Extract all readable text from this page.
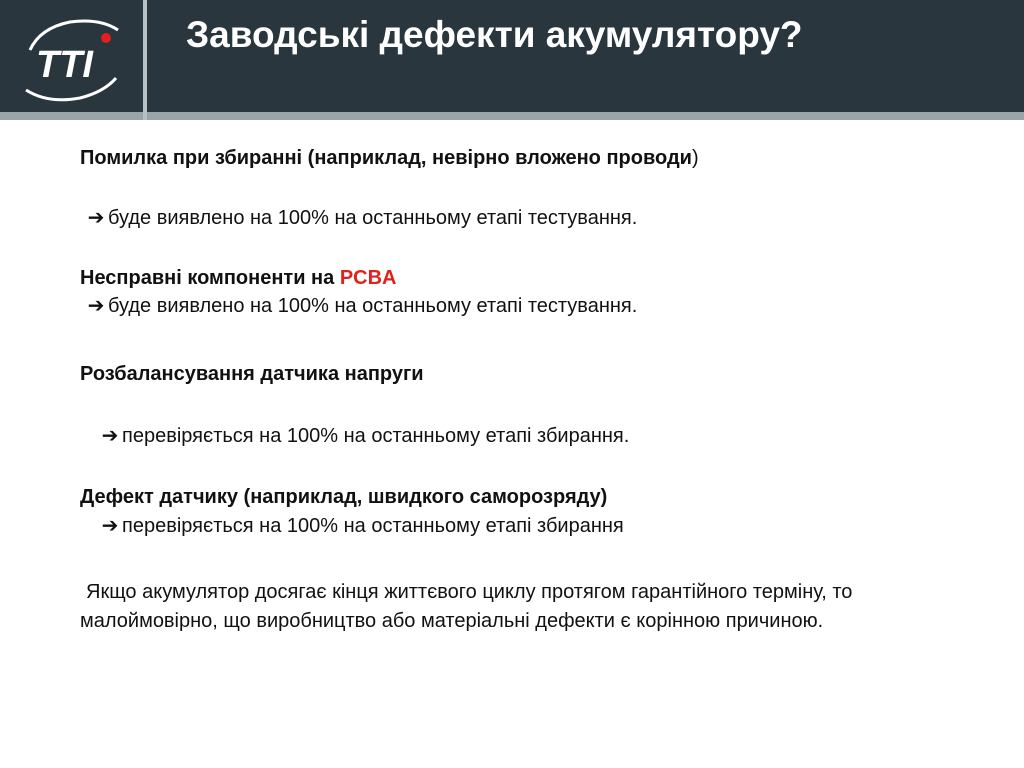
TTI
Заводські дефекти акумулятору?
Помилка при збиранні (наприклад, невірно вложено проводи)
➔ буде виявлено на 100% на останньому етапі тестування.
Несправні компоненти на PCBA
➔ буде виявлено на 100% на останньому етапі тестування.
Розбалансування датчика напруги
➔ перевіряється на 100% на останньому етапі збирання.
Дефект датчику (наприклад, швидкого саморозряду)
➔ перевіряється на 100% на останньому етапі збирання
Якщо акумулятор досягає кінця життєвого циклу протягом гарантійного терміну, то малоймовірно, що виробництво або матеріальні дефекти є корінною причиною.
